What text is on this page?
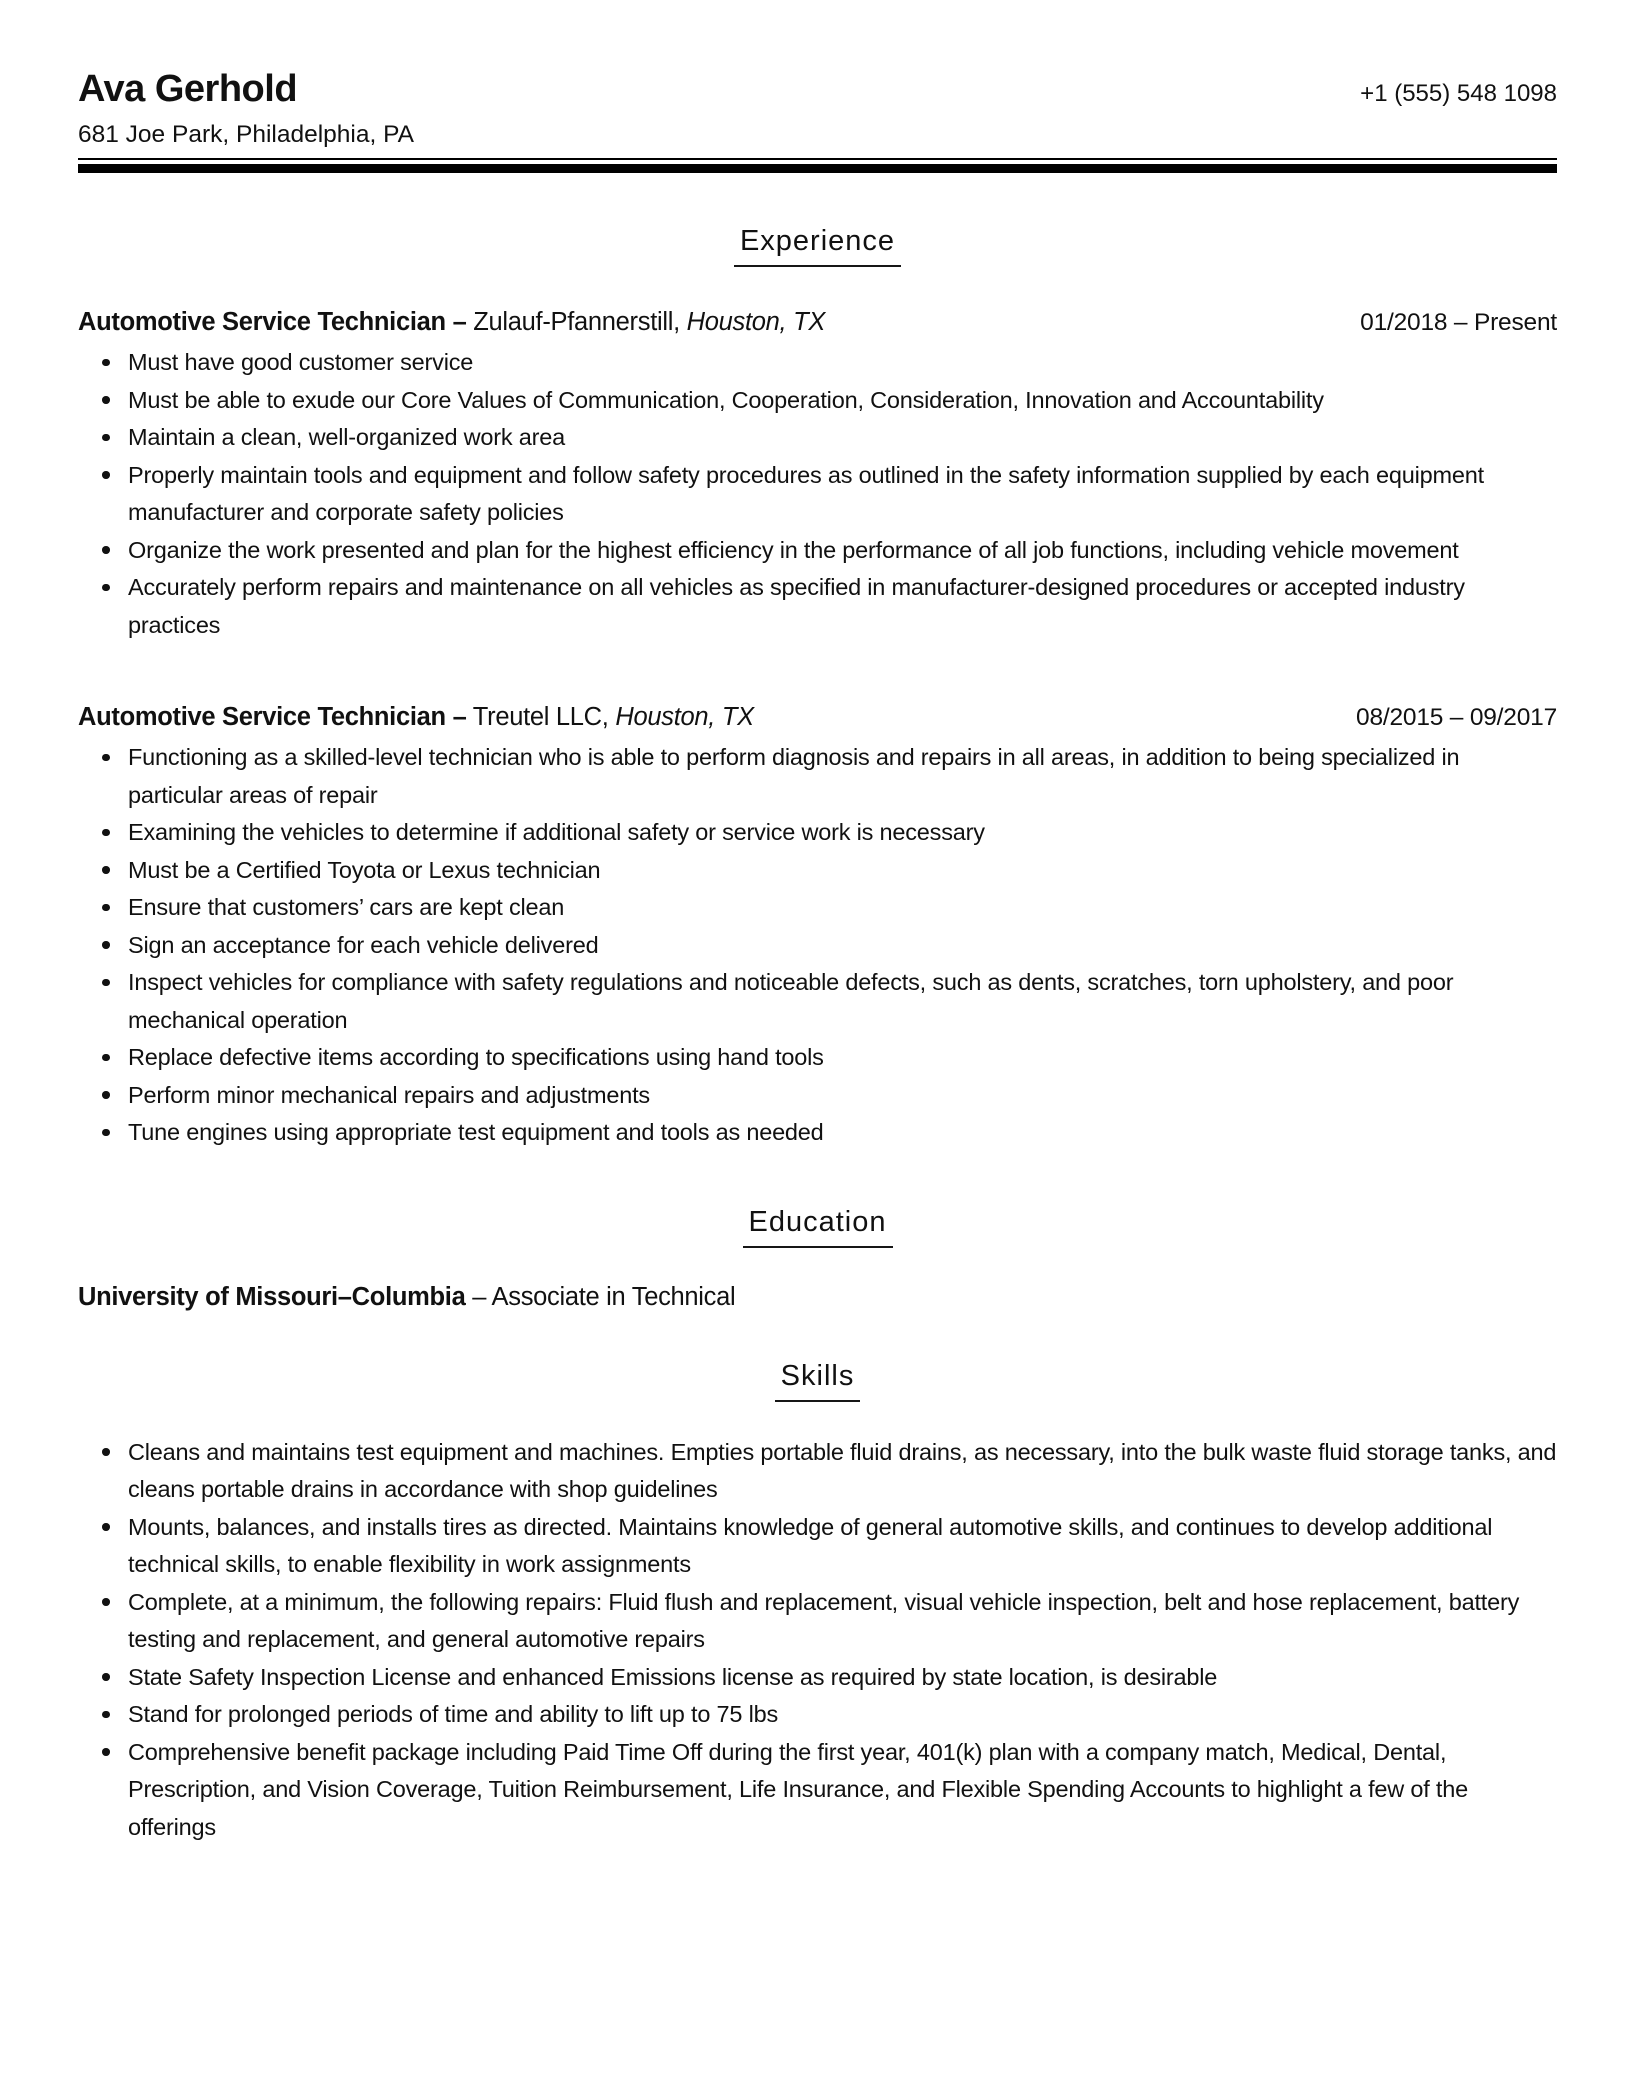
Ava Gerhold	+1 (555) 548 1098
681 Joe Park, Philadelphia, PA
Experience
Automotive Service Technician – Zulauf-Pfannerstill, Houston, TX	01/2018 – Present
Must have good customer service
Must be able to exude our Core Values of Communication, Cooperation, Consideration, Innovation and Accountability
Maintain a clean, well-organized work area
Properly maintain tools and equipment and follow safety procedures as outlined in the safety information supplied by each equipment manufacturer and corporate safety policies
Organize the work presented and plan for the highest efficiency in the performance of all job functions, including vehicle movement
Accurately perform repairs and maintenance on all vehicles as specified in manufacturer-designed procedures or accepted industry practices
Automotive Service Technician – Treutel LLC, Houston, TX	08/2015 – 09/2017
Functioning as a skilled-level technician who is able to perform diagnosis and repairs in all areas, in addition to being specialized in particular areas of repair
Examining the vehicles to determine if additional safety or service work is necessary
Must be a Certified Toyota or Lexus technician
Ensure that customers’ cars are kept clean
Sign an acceptance for each vehicle delivered
Inspect vehicles for compliance with safety regulations and noticeable defects, such as dents, scratches, torn upholstery, and poor mechanical operation
Replace defective items according to specifications using hand tools
Perform minor mechanical repairs and adjustments
Tune engines using appropriate test equipment and tools as needed
Education
University of Missouri–Columbia – Associate in Technical
Skills
Cleans and maintains test equipment and machines. Empties portable fluid drains, as necessary, into the bulk waste fluid storage tanks, and cleans portable drains in accordance with shop guidelines
Mounts, balances, and installs tires as directed. Maintains knowledge of general automotive skills, and continues to develop additional technical skills, to enable flexibility in work assignments
Complete, at a minimum, the following repairs: Fluid flush and replacement, visual vehicle inspection, belt and hose replacement, battery testing and replacement, and general automotive repairs
State Safety Inspection License and enhanced Emissions license as required by state location, is desirable
Stand for prolonged periods of time and ability to lift up to 75 lbs
Comprehensive benefit package including Paid Time Off during the first year, 401(k) plan with a company match, Medical, Dental, Prescription, and Vision Coverage, Tuition Reimbursement, Life Insurance, and Flexible Spending Accounts to highlight a few of the offerings
